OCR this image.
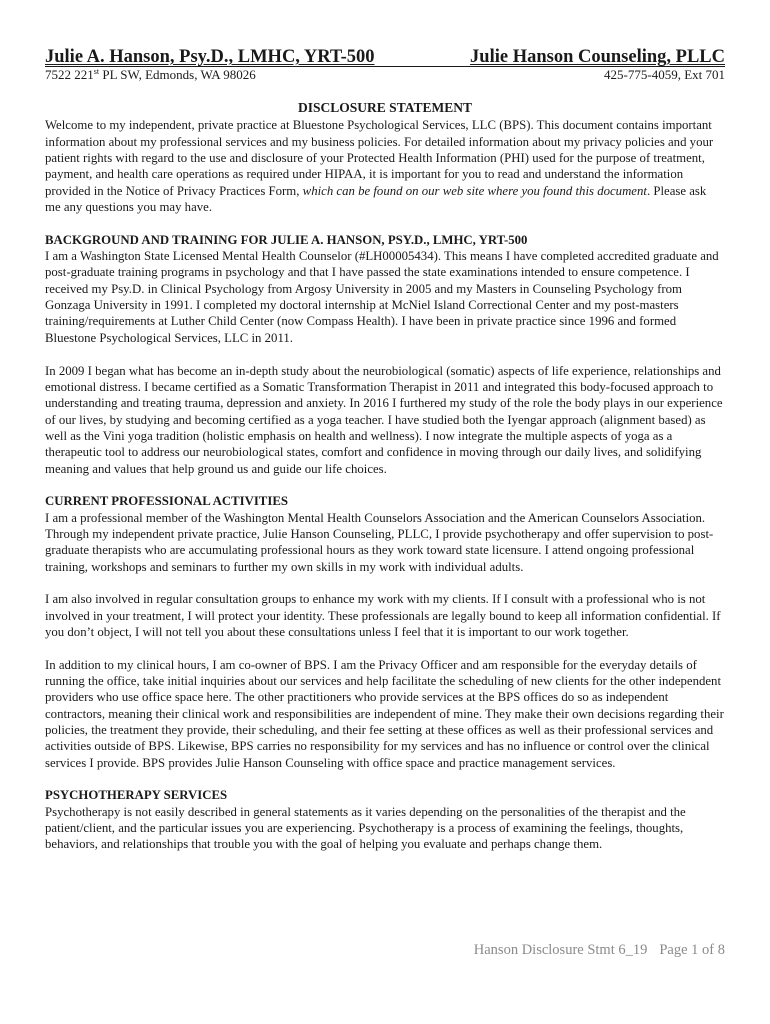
Julie A. Hanson, Psy.D., LMHC, YRT-500	Julie Hanson Counseling, PLLC
7522 221st PL SW, Edmonds, WA 98026	425-775-4059, Ext 701
DISCLOSURE STATEMENT

Welcome to my independent, private practice at Bluestone Psychological Services, LLC (BPS). This document contains important information about my professional services and my business policies. For detailed information about my privacy policies and your patient rights with regard to the use and disclosure of your Protected Health Information (PHI) used for the purpose of treatment, payment, and health care operations as required under HIPAA, it is important for you to read and understand the information provided in the Notice of Privacy Practices Form, which can be found on our web site where you found this document. Please ask me any questions you may have.

BACKGROUND AND TRAINING FOR JULIE A. HANSON, PSY.D., LMHC, YRT-500

I am a Washington State Licensed Mental Health Counselor (#LH00005434). This means I have completed accredited graduate and post-graduate training programs in psychology and that I have passed the state examinations intended to ensure competence. I received my Psy.D. in Clinical Psychology from Argosy University in 2005 and my Masters in Counseling Psychology from Gonzaga University in 1991. I completed my doctoral internship at McNiel Island Correctional Center and my post-masters training/requirements at Luther Child Center (now Compass Health). I have been in private practice since 1996 and formed Bluestone Psychological Services, LLC in 2011.

In 2009 I began what has become an in-depth study about the neurobiological (somatic) aspects of life experience, relationships and emotional distress. I became certified as a Somatic Transformation Therapist in 2011 and integrated this body-focused approach to understanding and treating trauma, depression and anxiety. In 2016 I furthered my study of the role the body plays in our experience of our lives, by studying and becoming certified as a yoga teacher. I have studied both the Iyengar approach (alignment based) as well as the Vini yoga tradition (holistic emphasis on health and wellness). I now integrate the multiple aspects of yoga as a therapeutic tool to address our neurobiological states, comfort and confidence in moving through our daily lives, and solidifying meaning and values that help ground us and guide our life choices.

CURRENT PROFESSIONAL ACTIVITIES

I am a professional member of the Washington Mental Health Counselors Association and the American Counselors Association. Through my independent private practice, Julie Hanson Counseling, PLLC, I provide psychotherapy and offer supervision to post-graduate therapists who are accumulating professional hours as they work toward state licensure. I attend ongoing professional training, workshops and seminars to further my own skills in my work with individual adults.

I am also involved in regular consultation groups to enhance my work with my clients. If I consult with a professional who is not involved in your treatment, I will protect your identity. These professionals are legally bound to keep all information confidential. If you don’t object, I will not tell you about these consultations unless I feel that it is important to our work together.

In addition to my clinical hours, I am co-owner of BPS. I am the Privacy Officer and am responsible for the everyday details of running the office, take initial inquiries about our services and help facilitate the scheduling of new clients for the other independent providers who use office space here. The other practitioners who provide services at the BPS offices do so as independent contractors, meaning their clinical work and responsibilities are independent of mine. They make their own decisions regarding their policies, the treatment they provide, their scheduling, and their fee setting at these offices as well as their professional services and activities outside of BPS. Likewise, BPS carries no responsibility for my services and has no influence or control over the clinical services I provide. BPS provides Julie Hanson Counseling with office space and practice management services.

PSYCHOTHERAPY SERVICES

Psychotherapy is not easily described in general statements as it varies depending on the personalities of the therapist and the patient/client, and the particular issues you are experiencing. Psychotherapy is a process of examining the feelings, thoughts, behaviors, and relationships that trouble you with the goal of helping you evaluate and perhaps change them.

Hanson Disclosure Stmt 6_19 Page 1 of 8
